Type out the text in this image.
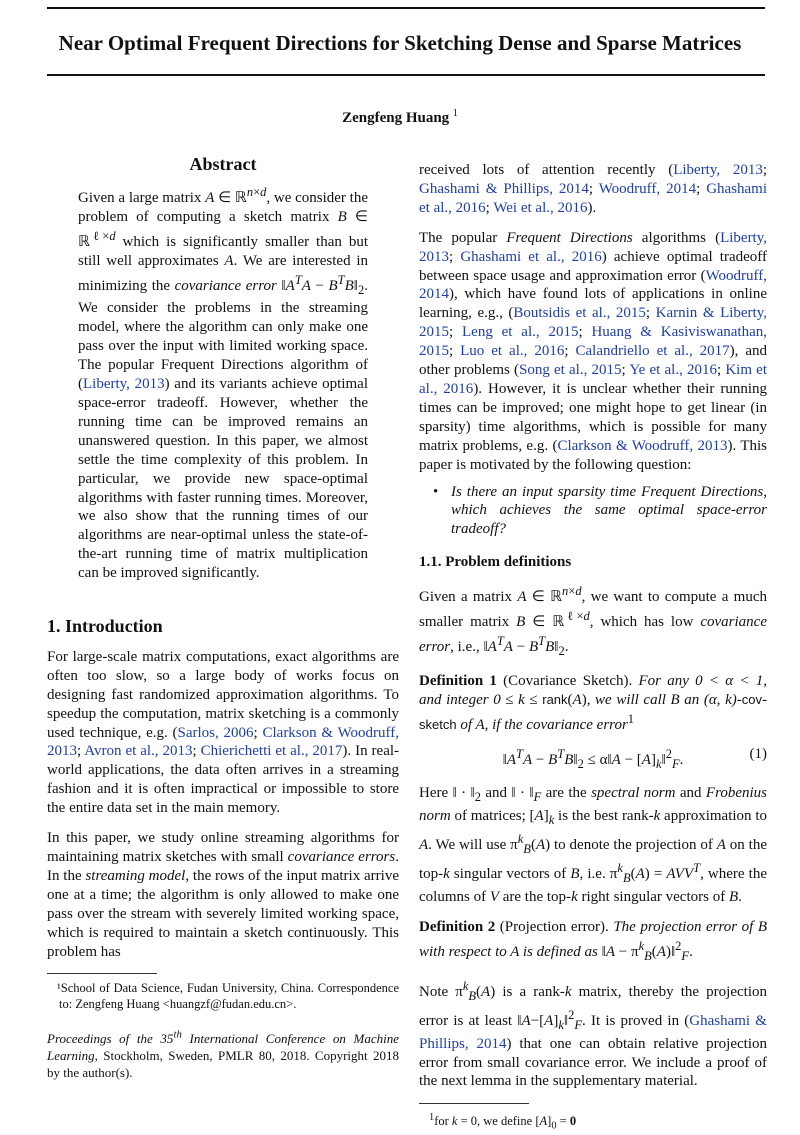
Near Optimal Frequent Directions for Sketching Dense and Sparse Matrices
Zengfeng Huang $^1$
Abstract

Given a large matrix A ∈ ℝ$^{n\times d}$, we consider the problem of computing a sketch matrix B ∈ ℝ$^{\ell\times d}$ which is significantly smaller than but still well approximates A. We are interested in minimizing the covariance error $‖A^TA$ − $B^TB‖_2$. We consider the problems in the streaming model, where the algorithm can only make one pass over the input with limited working space. The popular Frequent Directions algorithm of (Liberty, 2013) and its variants achieve optimal space-error tradeoff. However, whether the running time can be improved remains an unanswered question. In this paper, we almost settle the time complexity of this problem. In particular, we provide new space-optimal algorithms with faster running times. Moreover, we also show that the running times of our algorithms are near-optimal unless the state-of-the-art running time of matrix multiplication can be improved significantly.

1. Introduction

For large-scale matrix computations, exact algorithms are often too slow, so a large body of works focus on designing fast randomized approximation algorithms. To speedup the computation, matrix sketching is a commonly used technique, e.g. (Sarlos, 2006; Clarkson & Woodruff, 2013; Avron et al., 2013; Chierichetti et al., 2017). In real-world applications, the data often arrives in a streaming fashion and it is often impractical or impossible to store the entire data set in the main memory.

In this paper, we study online streaming algorithms for maintaining matrix sketches with small covariance errors. In the streaming model, the rows of the input matrix arrive one at a time; the algorithm is only allowed to make one pass over the stream with severely limited working space, which is required to maintain a sketch continuously. This problem has

¹School of Data Science, Fudan University, China. Correspondence to: Zengfeng Huang <huangzf@fudan.edu.cn>.
Proceedings of the 35th International Conference on Machine Learning, Stockholm, Sweden, PMLR 80, 2018. Copyright 2018 by the author(s).

received lots of attention recently (Liberty, 2013; Ghashami & Phillips, 2014; Woodruff, 2014; Ghashami et al., 2016; Wei et al., 2016).

The popular Frequent Directions algorithms (Liberty, 2013; Ghashami et al., 2016) achieve optimal tradeoff between space usage and approximation error (Woodruff, 2014), which have found lots of applications in online learning, e.g., (Boutsidis et al., 2015; Karnin & Liberty, 2015; Leng et al., 2015; Huang & Kasiviswanathan, 2015; Luo et al., 2016; Calandriello et al., 2017), and other problems (Song et al., 2015; Ye et al., 2016; Kim et al., 2016). However, it is unclear whether their running times can be improved; one might hope to get linear (in sparsity) time algorithms, which is possible for many matrix problems, e.g. (Clarkson & Woodruff, 2013). This paper is motivated by the following question:

• Is there an input sparsity time Frequent Directions, which achieves the same optimal space-error tradeoff?
1.1. Problem definitions

Given a matrix A ∈ ℝ$^{n\times d}$, we want to compute a much smaller matrix B ∈ ℝ$^{\ell\times d}$, which has low covariance error, i.e., $‖A^TA$ − $B^TB‖_2$.

Definition 1 (Covariance Sketch). For any 0 < α < 1, and integer 0 ≤ k ≤ rank(A), we will call B an (α, k)-cov-sketch of A, if the covariance error$^1$

$‖A^TA$ − $B^TB‖_2$ ≤ α‖A − $[A]_k‖^2_F$.	(1)

Here ‖ · $‖_2$ and ‖ · $‖_F$ are the spectral norm and Frobenius norm of matrices; $[A]_k$ is the best rank-k approximation to A. We will use $\pi^k_B(A)$ to denote the projection of A on the top-k singular vectors of B, i.e. $\pi^k_B(A) = AVV^T$, where the columns of V are the top-k right singular vectors of B.

Definition 2 (Projection error). The projection error of B with respect to A is defined as ‖A − $\pi^k_B(A)‖^2_F$.

Note $\pi^k_B(A)$ is a rank-k matrix, thereby the projection error is at least $‖A-[A]_k‖^2_F$. It is proved in (Ghashami & Phillips, 2014) that one can obtain relative projection error from small covariance error. We include a proof of the next lemma in the supplementary material.

$^1$for k = 0, we define $[A]_0 = 0$
